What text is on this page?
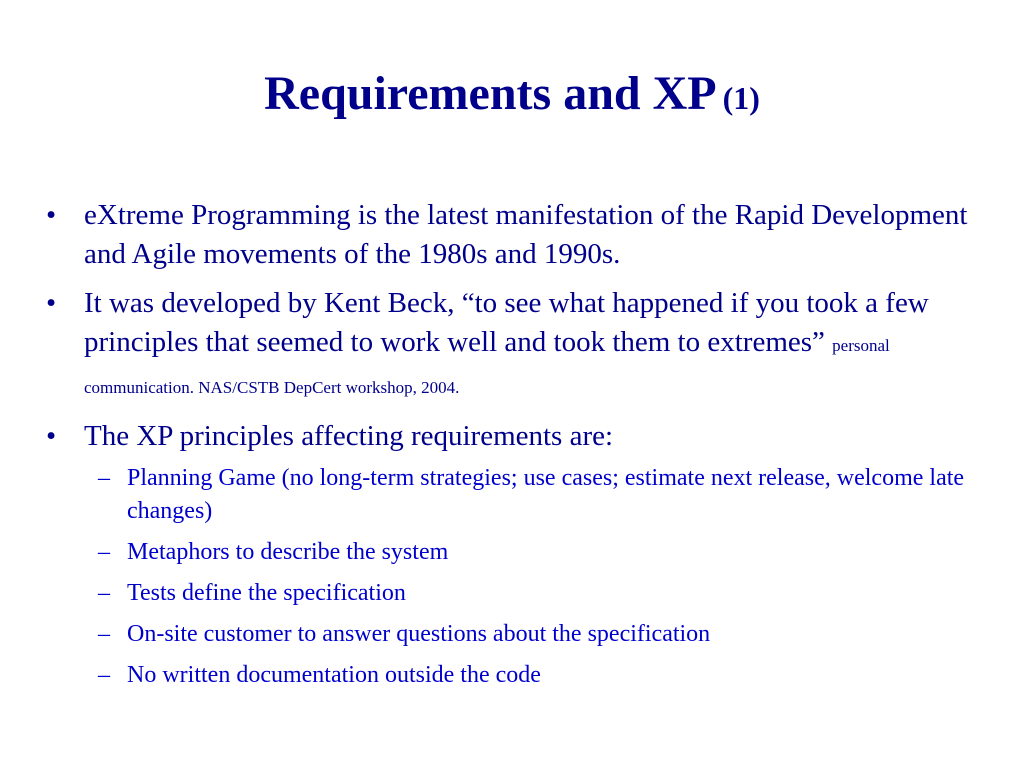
Requirements and XP (1)
• eXtreme Programming is the latest manifestation of the Rapid Development and Agile movements of the 1980s and 1990s.
• It was developed by Kent Beck, “to see what happened if you took a few principles that seemed to work well and took them to extremes” personal communication. NAS/CSTB DepCert workshop, 2004.
• The XP principles affecting requirements are:
– Planning Game (no long-term strategies; use cases; estimate next release, welcome late changes)
– Metaphors to describe the system
– Tests define the specification
– On-site customer to answer questions about the specification
– No written documentation outside the code
